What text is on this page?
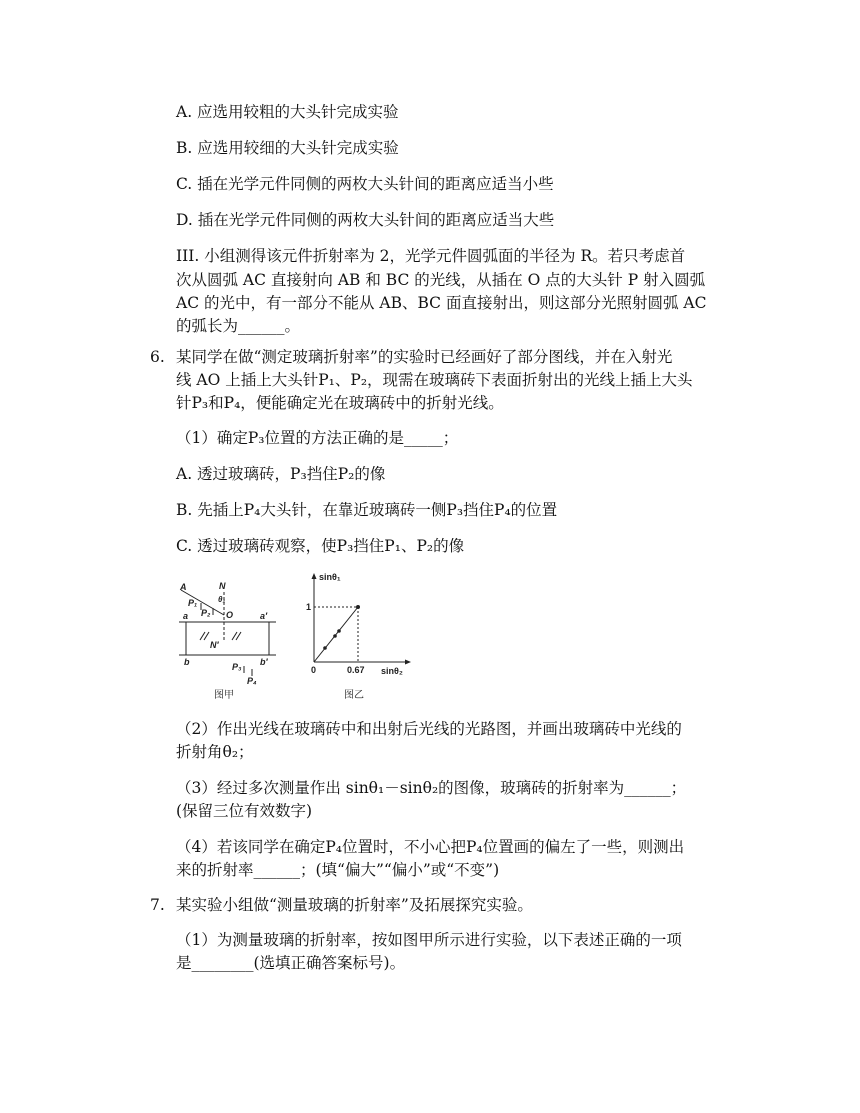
A. 应选用较粗的大头针完成实验
B. 应选用较细的大头针完成实验
C. 插在光学元件同侧的两枚大头针间的距离应适当小些
D. 插在光学元件同侧的两枚大头针间的距离应适当大些
III. 小组测得该元件折射率为 2，光学元件圆弧面的半径为 R。若只考虑首
次从圆弧 AC 直接射向 AB 和 BC 的光线，从插在 O 点的大头针 P 射入圆弧
AC 的光中，有一部分不能从 AB、BC 面直接射出，则这部分光照射圆弧 AC
的弧长为______。
6. 某同学在做“测定玻璃折射率”的实验时已经画好了部分图线，并在入射光
线 AO 上插上大头针P₁、P₂，现需在玻璃砖下表面折射出的光线上插上大头
针P₃和P₄，便能确定光在玻璃砖中的折射光线。
（1）确定P₃位置的方法正确的是_____；
A. 透过玻璃砖，P₃挡住P₂的像
B. 先插上P₄大头针，在靠近玻璃砖一侧P₃挡住P₄的位置
C. 透过玻璃砖观察，使P₃挡住P₁、P₂的像
A	N
P₁	θ₁
P₂ O
a	a′
N′
b	b′
P₃
P₄
图甲
sinθ₁
1
0	0.67 sinθ₂
图乙
（2）作出光线在玻璃砖中和出射后光线的光路图，并画出玻璃砖中光线的
折射角θ₂；
（3）经过多次测量作出 sinθ₁－sinθ₂的图像，玻璃砖的折射率为______；
(保留三位有效数字)
（4）若该同学在确定P₄位置时，不小心把P₄位置画的偏左了一些，则测出
来的折射率______；(填“偏大”“偏小”或“不变”)
7. 某实验小组做“测量玻璃的折射率”及拓展探究实验。
（1）为测量玻璃的折射率，按如图甲所示进行实验，以下表述正确的一项
是________(选填正确答案标号)。
